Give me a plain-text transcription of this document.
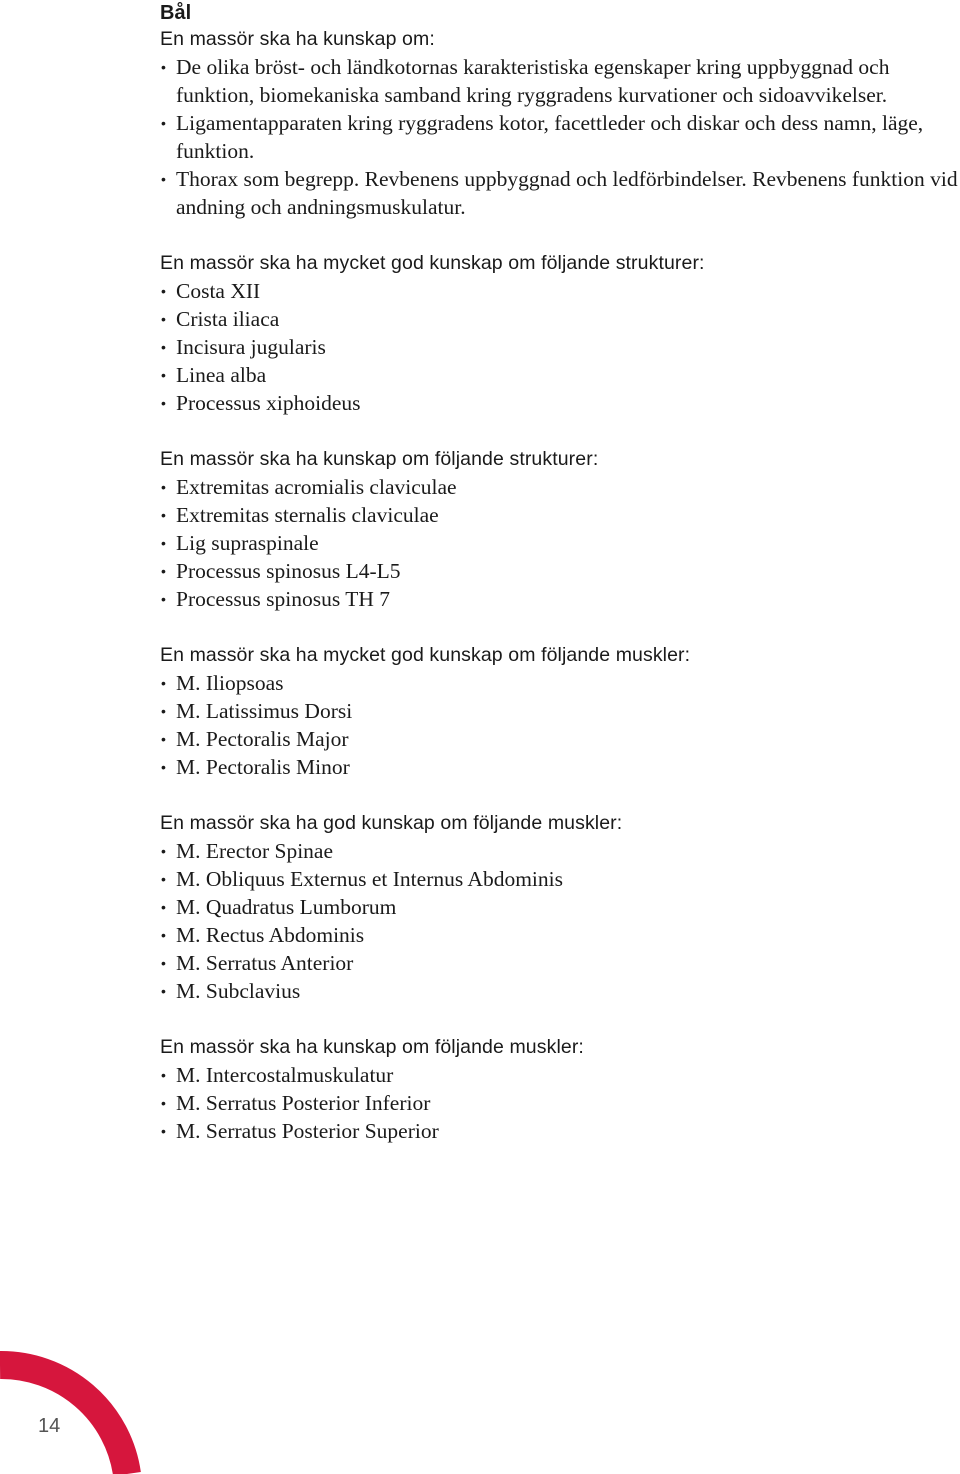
Bål

En massör ska ha kunskap om:

• De olika bröst- och ländkotornas karakteristiska egenskaper kring uppbyggnad och funktion, biomekaniska samband kring ryggradens kurvationer och sidoavvikelser.
• Ligamentapparaten kring ryggradens kotor, facettleder och diskar och dess namn, läge, funktion.
• Thorax som begrepp. Revbenens uppbyggnad och ledförbindelser. Revbenens funktion vid andning och andningsmuskulatur.

En massör ska ha mycket god kunskap om följande strukturer:

• Costa XII
• Crista iliaca
• Incisura jugularis
• Linea alba
• Processus xiphoideus

En massör ska ha kunskap om följande strukturer:

• Extremitas acromialis claviculae
• Extremitas sternalis claviculae
• Lig supraspinale
• Processus spinosus L4-L5
• Processus spinosus TH 7

En massör ska ha mycket god kunskap om följande muskler:

• M. Iliopsoas
• M. Latissimus Dorsi
• M. Pectoralis Major
• M. Pectoralis Minor

En massör ska ha god kunskap om följande muskler:

• M. Erector Spinae
• M. Obliquus Externus et Internus Abdominis
• M. Quadratus Lumborum
• M. Rectus Abdominis
• M. Serratus Anterior
• M. Subclavius

En massör ska ha kunskap om följande muskler:

• M. Intercostalmuskulatur
• M. Serratus Posterior Inferior
• M. Serratus Posterior Superior
14
